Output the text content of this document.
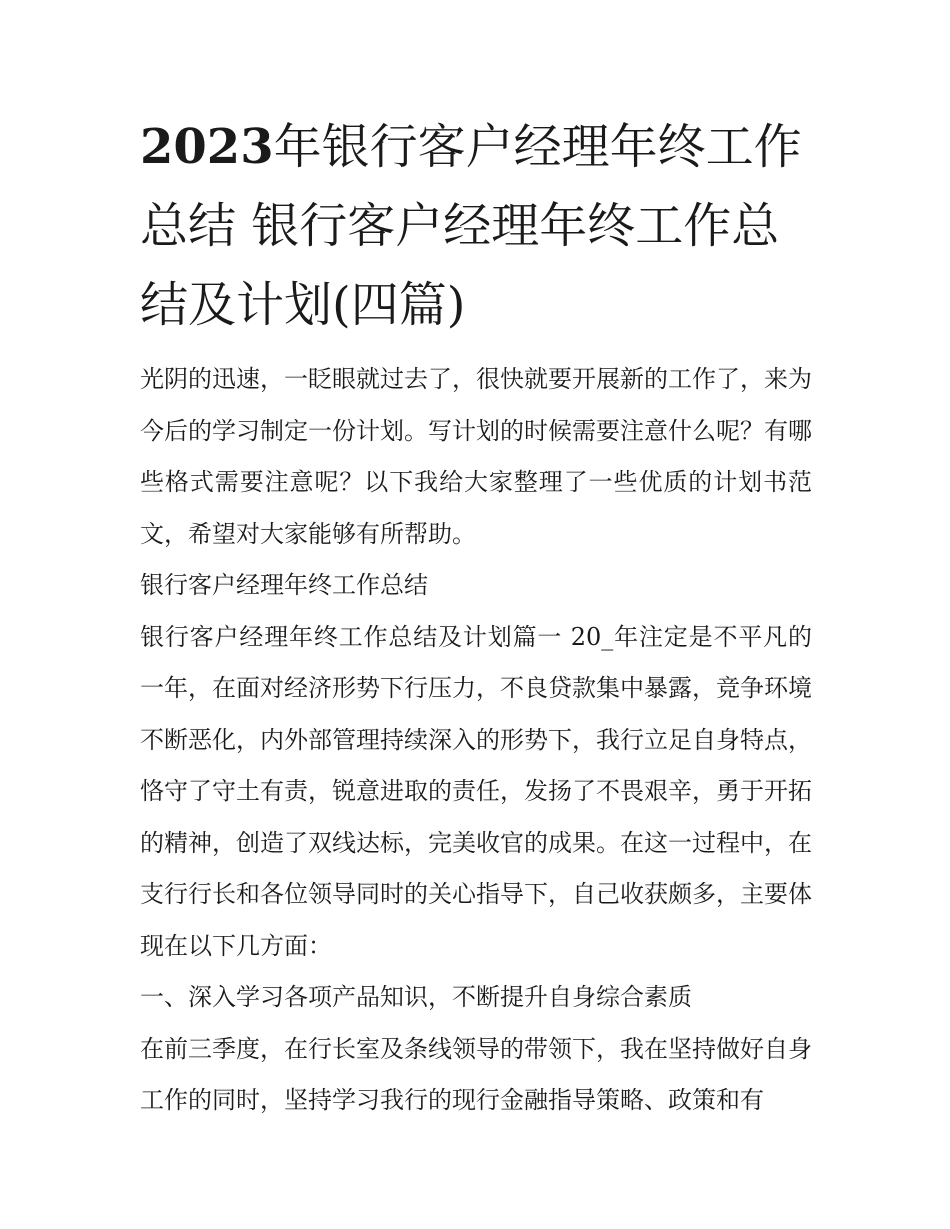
2023年银行客户经理年终工作总结 银行客户经理年终工作总结及计划(四篇)

光阴的迅速，一眨眼就过去了，很快就要开展新的工作了，来为今后的学习制定一份计划。写计划的时候需要注意什么呢？有哪些格式需要注意呢？以下我给大家整理了一些优质的计划书范文，希望对大家能够有所帮助。

银行客户经理年终工作总结

银行客户经理年终工作总结及计划篇一 20_年注定是不平凡的一年，在面对经济形势下行压力，不良贷款集中暴露，竞争环境不断恶化，内外部管理持续深入的形势下，我行立足自身特点，恪守了守土有责，锐意进取的责任，发扬了不畏艰辛，勇于开拓的精神，创造了双线达标，完美收官的成果。在这一过程中，在支行行长和各位领导同时的关心指导下，自己收获颇多，主要体现在以下几方面：

一、深入学习各项产品知识，不断提升自身综合素质

在前三季度，在行长室及条线领导的带领下，我在坚持做好自身工作的同时，坚持学习我行的现行金融指导策略、政策和有
